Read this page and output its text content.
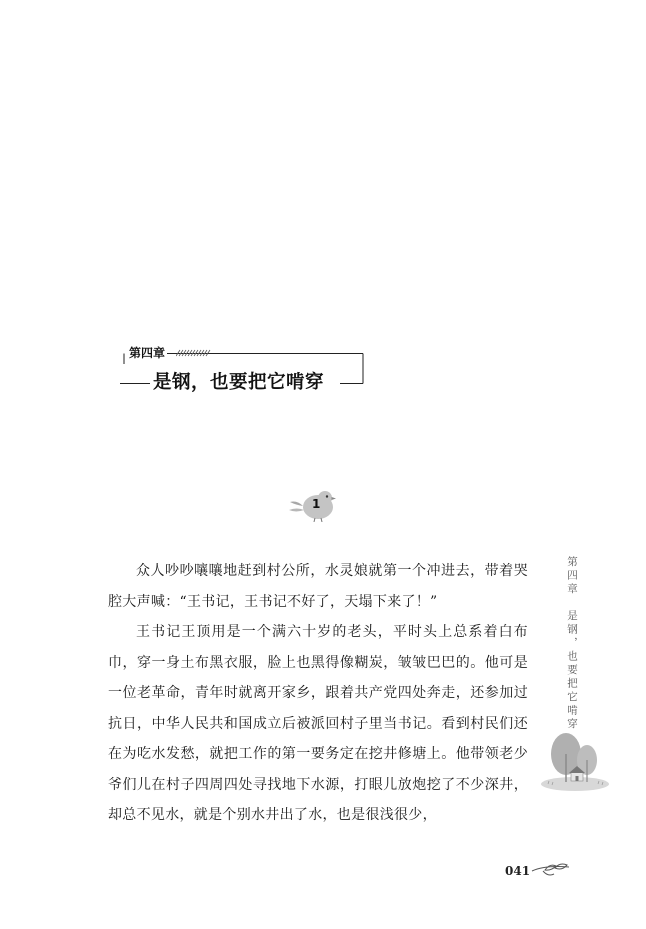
第四章
是钢，也要把它啃穿
1

众人吵吵嚷嚷地赶到村公所，水灵娘就第一个冲进去，带着哭腔大声喊：“王书记，王书记不好了，天塌下来了！”

王书记王顶用是一个满六十岁的老头，平时头上总系着白布巾，穿一身土布黑衣服，脸上也黑得像糊炭，皱皱巴巴的。他可是一位老革命，青年时就离开家乡，跟着共产党四处奔走，还参加过抗日，中华人民共和国成立后被派回村子里当书记。看到村民们还在为吃水发愁，就把工作的第一要务定在挖井修塘上。他带领老少爷们儿在村子四周四处寻找地下水源，打眼儿放炮挖了不少深井，却总不见水，就是个别水井出了水，也是很浅很少，

第四章　是钢，也要把它啃穿
041
